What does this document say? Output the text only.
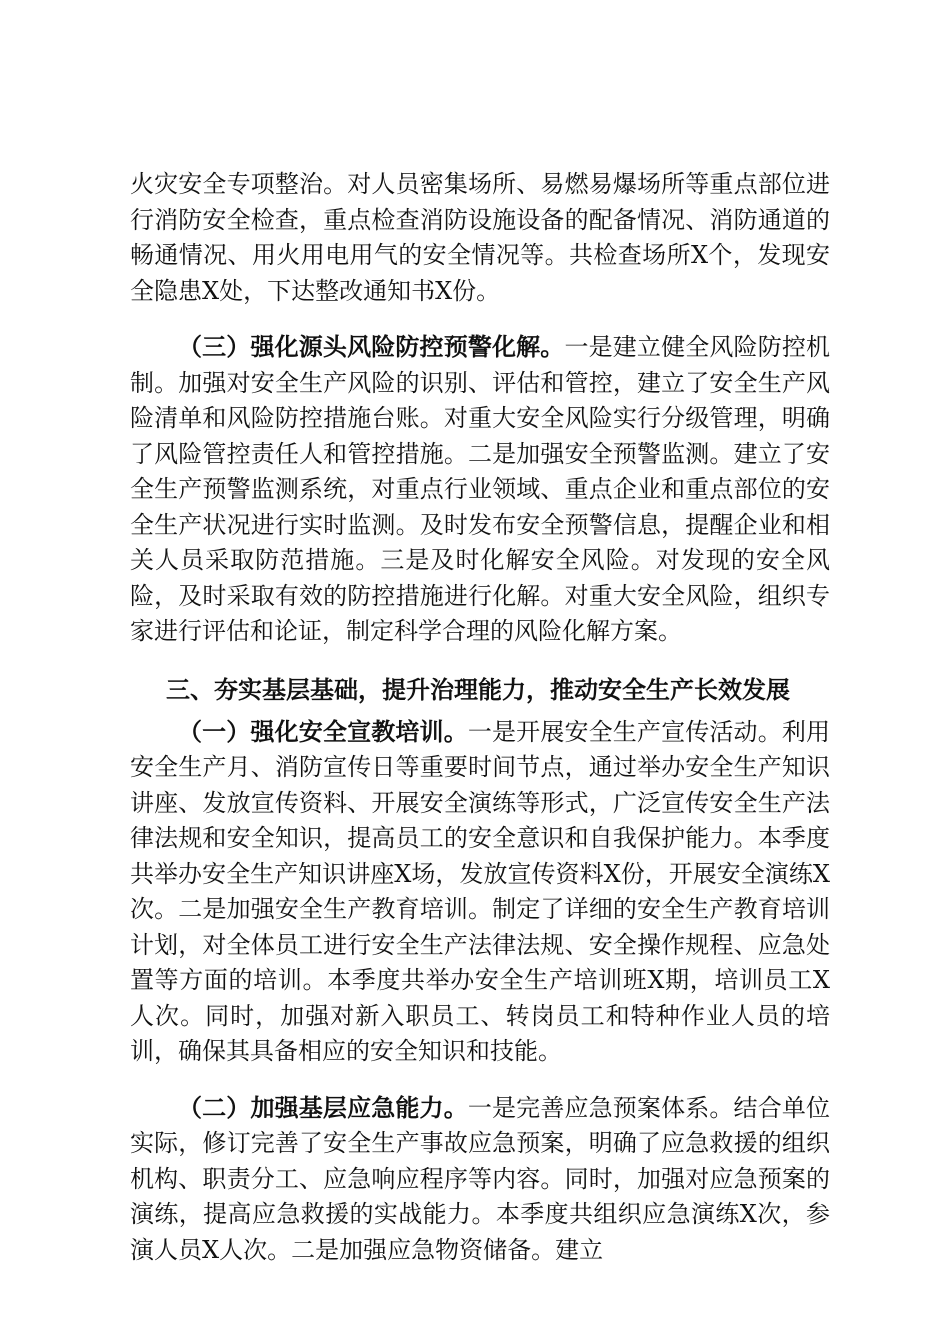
火灾安全专项整治。对人员密集场所、易燃易爆场所等重点部位进行消防安全检查，重点检查消防设施设备的配备情况、消防通道的畅通情况、用火用电用气的安全情况等。共检查场所X个，发现安全隐患X处，下达整改通知书X份。

（三）强化源头风险防控预警化解。一是建立健全风险防控机制。加强对安全生产风险的识别、评估和管控，建立了安全生产风险清单和风险防控措施台账。对重大安全风险实行分级管理，明确了风险管控责任人和管控措施。二是加强安全预警监测。建立了安全生产预警监测系统，对重点行业领域、重点企业和重点部位的安全生产状况进行实时监测。及时发布安全预警信息，提醒企业和相关人员采取防范措施。三是及时化解安全风险。对发现的安全风险，及时采取有效的防控措施进行化解。对重大安全风险，组织专家进行评估和论证，制定科学合理的风险化解方案。

三、夯实基层基础，提升治理能力，推动安全生产长效发展

（一）强化安全宣教培训。一是开展安全生产宣传活动。利用安全生产月、消防宣传日等重要时间节点，通过举办安全生产知识讲座、发放宣传资料、开展安全演练等形式，广泛宣传安全生产法律法规和安全知识，提高员工的安全意识和自我保护能力。本季度共举办安全生产知识讲座X场，发放宣传资料X份，开展安全演练X次。二是加强安全生产教育培训。制定了详细的安全生产教育培训计划，对全体员工进行安全生产法律法规、安全操作规程、应急处置等方面的培训。本季度共举办安全生产培训班X期，培训员工X人次。同时，加强对新入职员工、转岗员工和特种作业人员的培训，确保其具备相应的安全知识和技能。

（二）加强基层应急能力。一是完善应急预案体系。结合单位实际，修订完善了安全生产事故应急预案，明确了应急救援的组织机构、职责分工、应急响应程序等内容。同时，加强对应急预案的演练，提高应急救援的实战能力。本季度共组织应急演练X次，参演人员X人次。二是加强应急物资储备。建立
